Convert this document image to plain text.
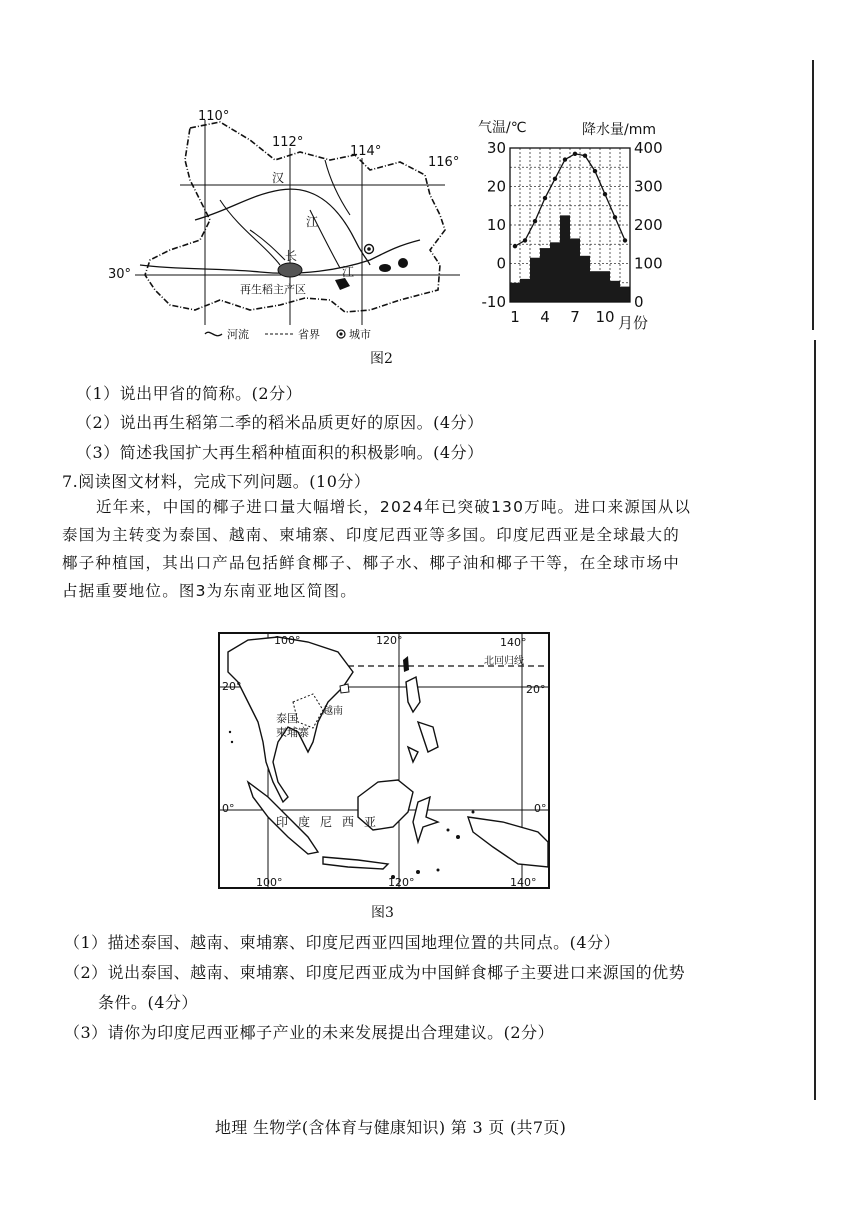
110°
112°
114°
116°
30°
汉
江
长
江
再生稻主产区
河流	省界	城市
气温/℃	降水量/mm
30
20
10
0
-10
400
300
200
100
0
1 4 7 10 月份
图2
（1）说出甲省的简称。(2分）
（2）说出再生稻第二季的稻米品质更好的原因。(4分）
（3）简述我国扩大再生稻种植面积的积极影响。(4分）
7.阅读图文材料，完成下列问题。(10分）
近年来，中国的椰子进口量大幅增长，2024年已突破130万吨。进口来源国从以
泰国为主转变为泰国、越南、柬埔寨、印度尼西亚等多国。印度尼西亚是全球最大的
椰子种植国，其出口产品包括鲜食椰子、椰子水、椰子油和椰子干等，在全球市场中
占据重要地位。图3为东南亚地区简图。
100°	120°	140°
100°	120°	140°
20°	20°
0°	0°
北回归线
泰国
越南
柬埔寨
印度尼西亚
图3
（1）描述泰国、越南、柬埔寨、印度尼西亚四国地理位置的共同点。(4分）
（2）说出泰国、越南、柬埔寨、印度尼西亚成为中国鲜食椰子主要进口来源国的优势
条件。(4分）
（3）请你为印度尼西亚椰子产业的未来发展提出合理建议。(2分）
地理 生物学(含体育与健康知识) 第 3 页 (共7页)
